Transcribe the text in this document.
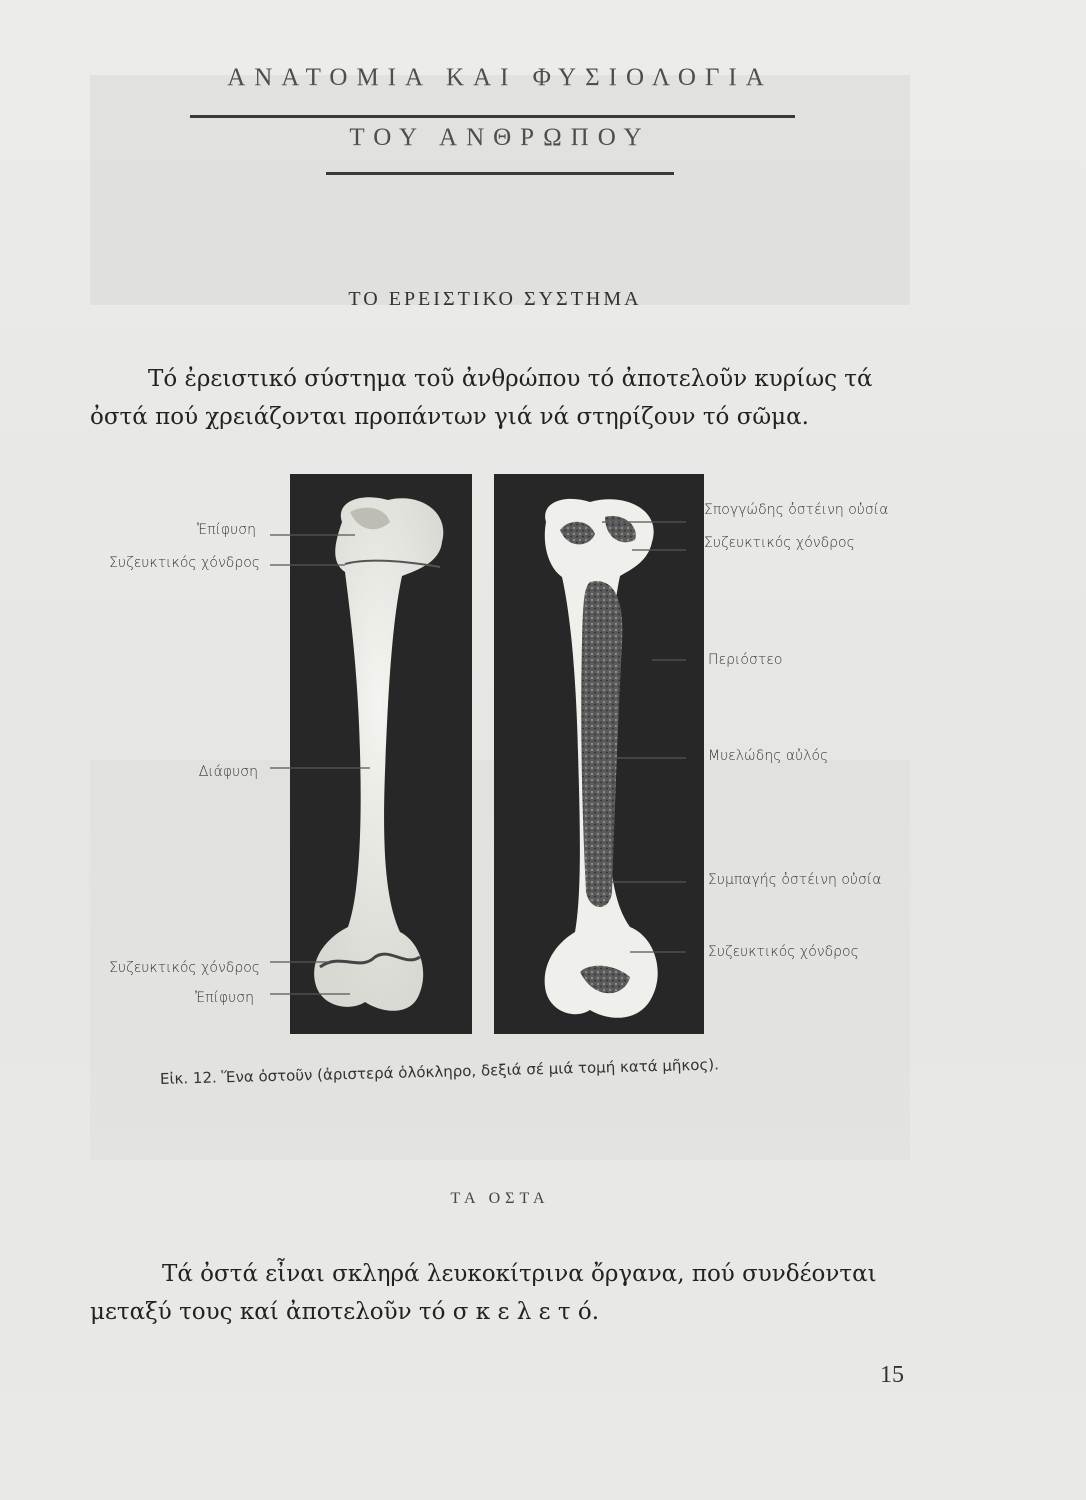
ΑΝΑΤΟΜΙΑ ΚΑΙ ΦΥΣΙΟΛΟΓΙΑ
ΤΟΥ ΑΝΘΡΩΠΟΥ
ΤΟ ΕΡΕΙΣΤΙΚΟ ΣΥΣΤΗΜΑ
Τό ἐρειστικό σύστημα τοῦ ἀνθρώπου τό ἀποτελοῦν κυρίως τά ὀστά πού χρειάζονται προπάντων γιά νά στηρίζουν τό σῶμα.
Ἐπίφυση
Συζευκτικός χόνδρος
Διάφυση
Συζευκτικός χόνδρος
Ἐπίφυση
Σπογγώδης ὀστέινη οὐσία
Συζευκτικός χόνδρος
Περιόστεο
Μυελώδης αὐλός
Συμπαγής ὀστέινη οὐσία
Συζευκτικός χόνδρος
Εἰκ. 12. Ἕνα ὀστοῦν (ἀριστερά ὁλόκληρο, δεξιά σέ μιά τομή κατά μῆκος).
ΤΑ ΟΣΤΑ
Τά ὀστά εἶναι σκληρά λευκοκίτρινα ὄργανα, πού συνδέονται μεταξύ τους καί ἀποτελοῦν τό σ κ ε λ ε τ ό.
15
